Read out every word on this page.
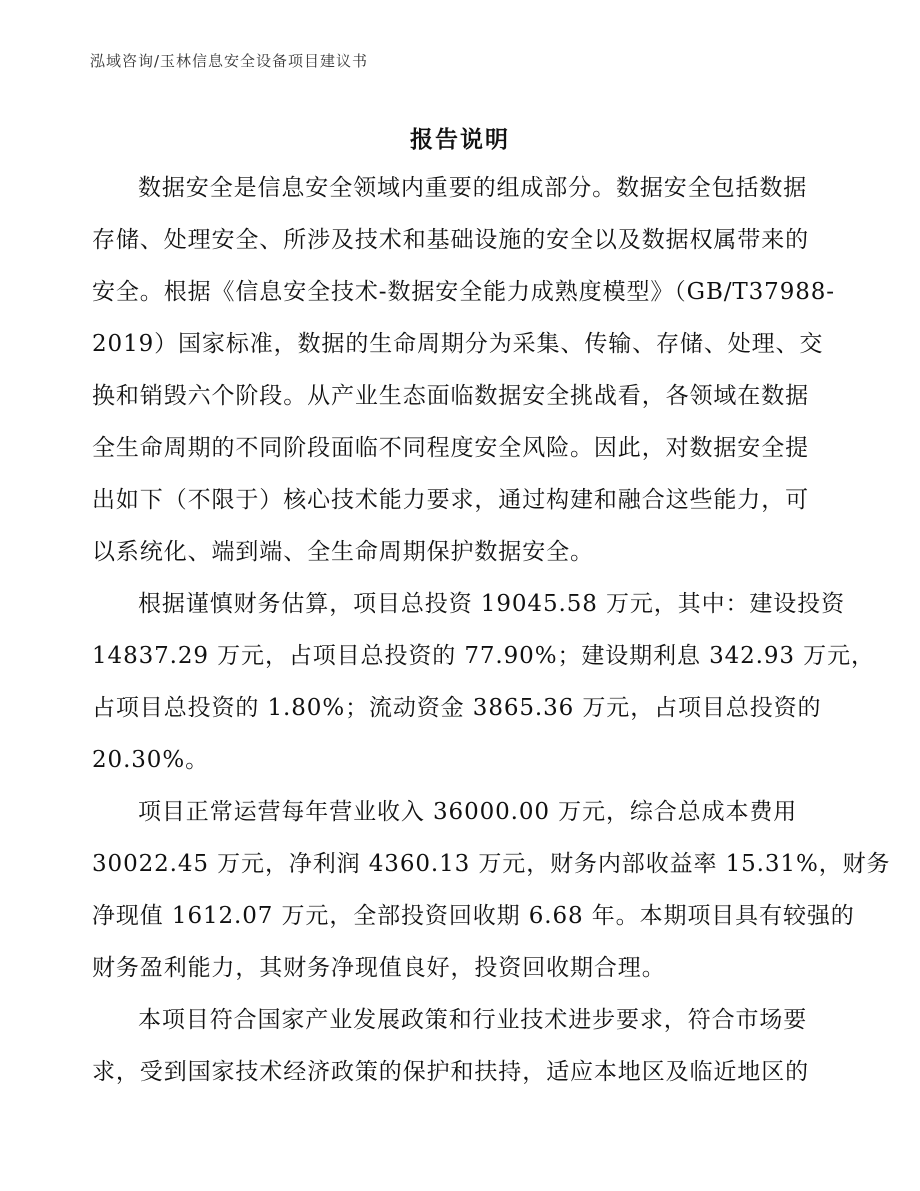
泓域咨询/玉林信息安全设备项目建议书
报告说明
数据安全是信息安全领域内重要的组成部分。数据安全包括数据
存储、处理安全、所涉及技术和基础设施的安全以及数据权属带来的
安全。根据《信息安全技术-数据安全能力成熟度模型》（GB/T37988-
2019）国家标准，数据的生命周期分为采集、传输、存储、处理、交
换和销毁六个阶段。从产业生态面临数据安全挑战看，各领域在数据
全生命周期的不同阶段面临不同程度安全风险。因此，对数据安全提
出如下（不限于）核心技术能力要求，通过构建和融合这些能力，可
以系统化、端到端、全生命周期保护数据安全。
根据谨慎财务估算，项目总投资 19045.58 万元，其中：建设投资
14837.29 万元，占项目总投资的 77.90%；建设期利息 342.93 万元，
占项目总投资的 1.80%；流动资金 3865.36 万元，占项目总投资的
20.30%。
项目正常运营每年营业收入 36000.00 万元，综合总成本费用
30022.45 万元，净利润 4360.13 万元，财务内部收益率 15.31%，财务
净现值 1612.07 万元，全部投资回收期 6.68 年。本期项目具有较强的
财务盈利能力，其财务净现值良好，投资回收期合理。
本项目符合国家产业发展政策和行业技术进步要求，符合市场要
求，受到国家技术经济政策的保护和扶持，适应本地区及临近地区的
